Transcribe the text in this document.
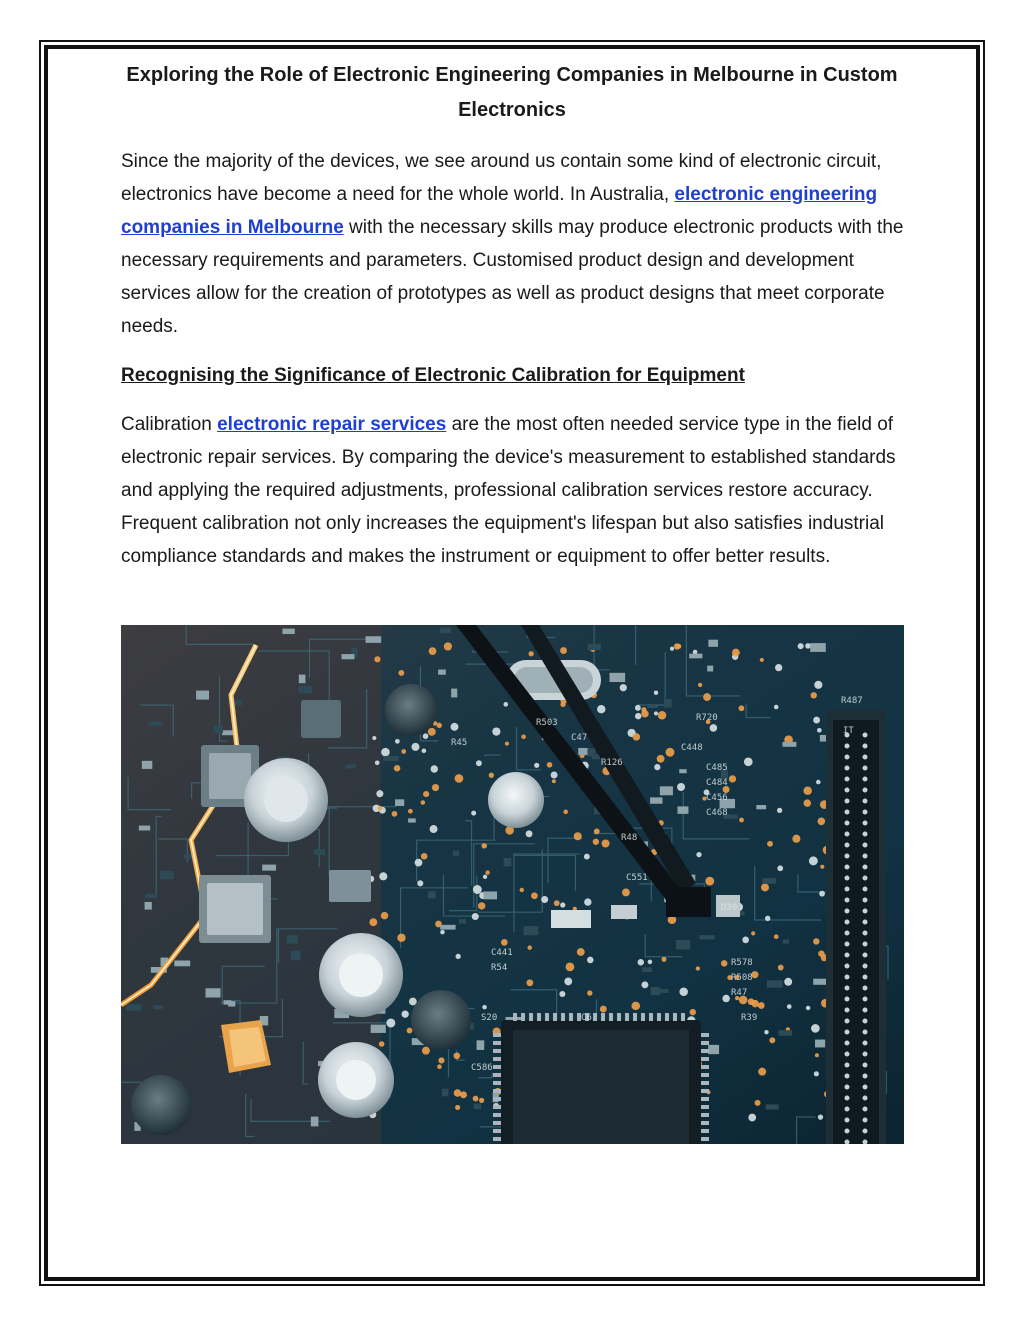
Exploring the Role of Electronic Engineering Companies in Melbourne in Custom Electronics

Since the majority of the devices, we see around us contain some kind of electronic circuit, electronics have become a need for the whole world. In Australia, electronic engineering companies in Melbourne with the necessary skills may produce electronic products with the necessary requirements and parameters. Customised product design and development services allow for the creation of prototypes as well as product designs that meet corporate needs.

Recognising the Significance of Electronic Calibration for Equipment

Calibration electronic repair services are the most often needed service type in the field of electronic repair services. By comparing the device's measurement to established standards and applying the required adjustments, professional calibration services restore accuracy. Frequent calibration not only increases the equipment's lifespan but also satisfies industrial compliance standards and makes the instrument or equipment to offer better results.

R503
C47
R126
C448
C485
C484
C456
C468
R48
C551
D30
R578
R508
R47
R39
C586
CCM5
S20	C6
IT
R487
R720
C441
R54
R45
